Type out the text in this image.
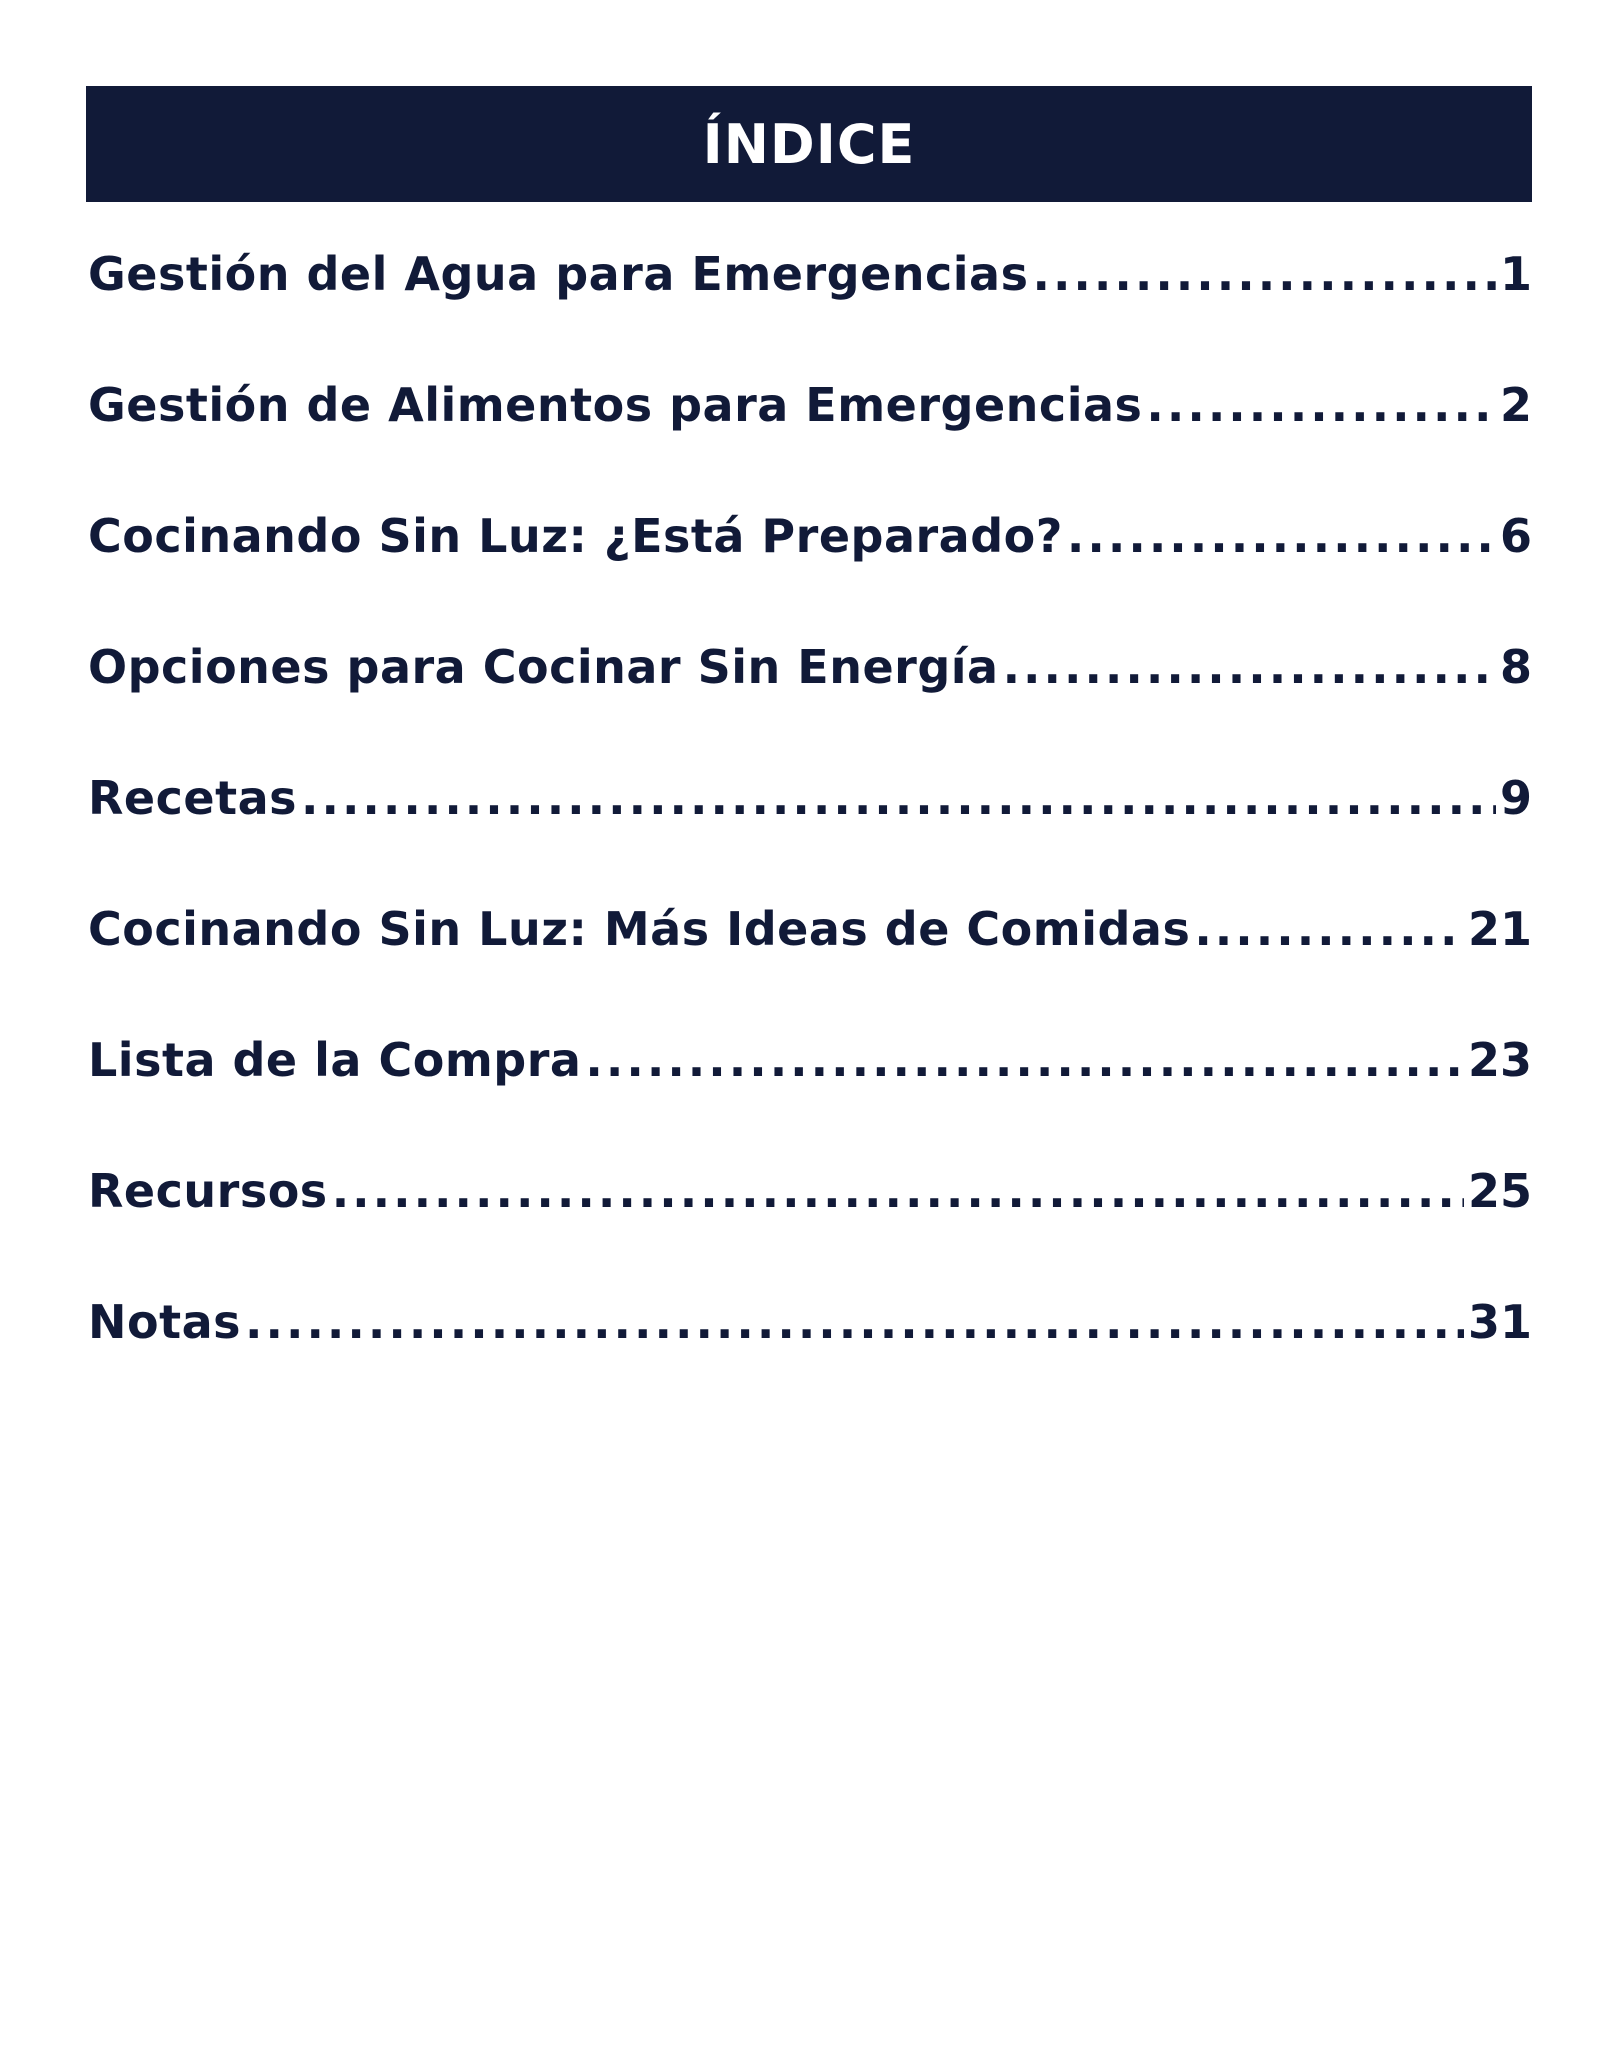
ÍNDICE
Gestión del Agua para Emergencias .....	1
Gestión de Alimentos para Emergencias .....	2
Cocinando Sin Luz: ¿Está Preparado? .....	6
Opciones para Cocinar Sin Energía .....	8
Recetas .....	9
Cocinando Sin Luz: Más Ideas de Comidas .....	21
Lista de la Compra .....	23
Recursos .....	25
Notas .....	31
